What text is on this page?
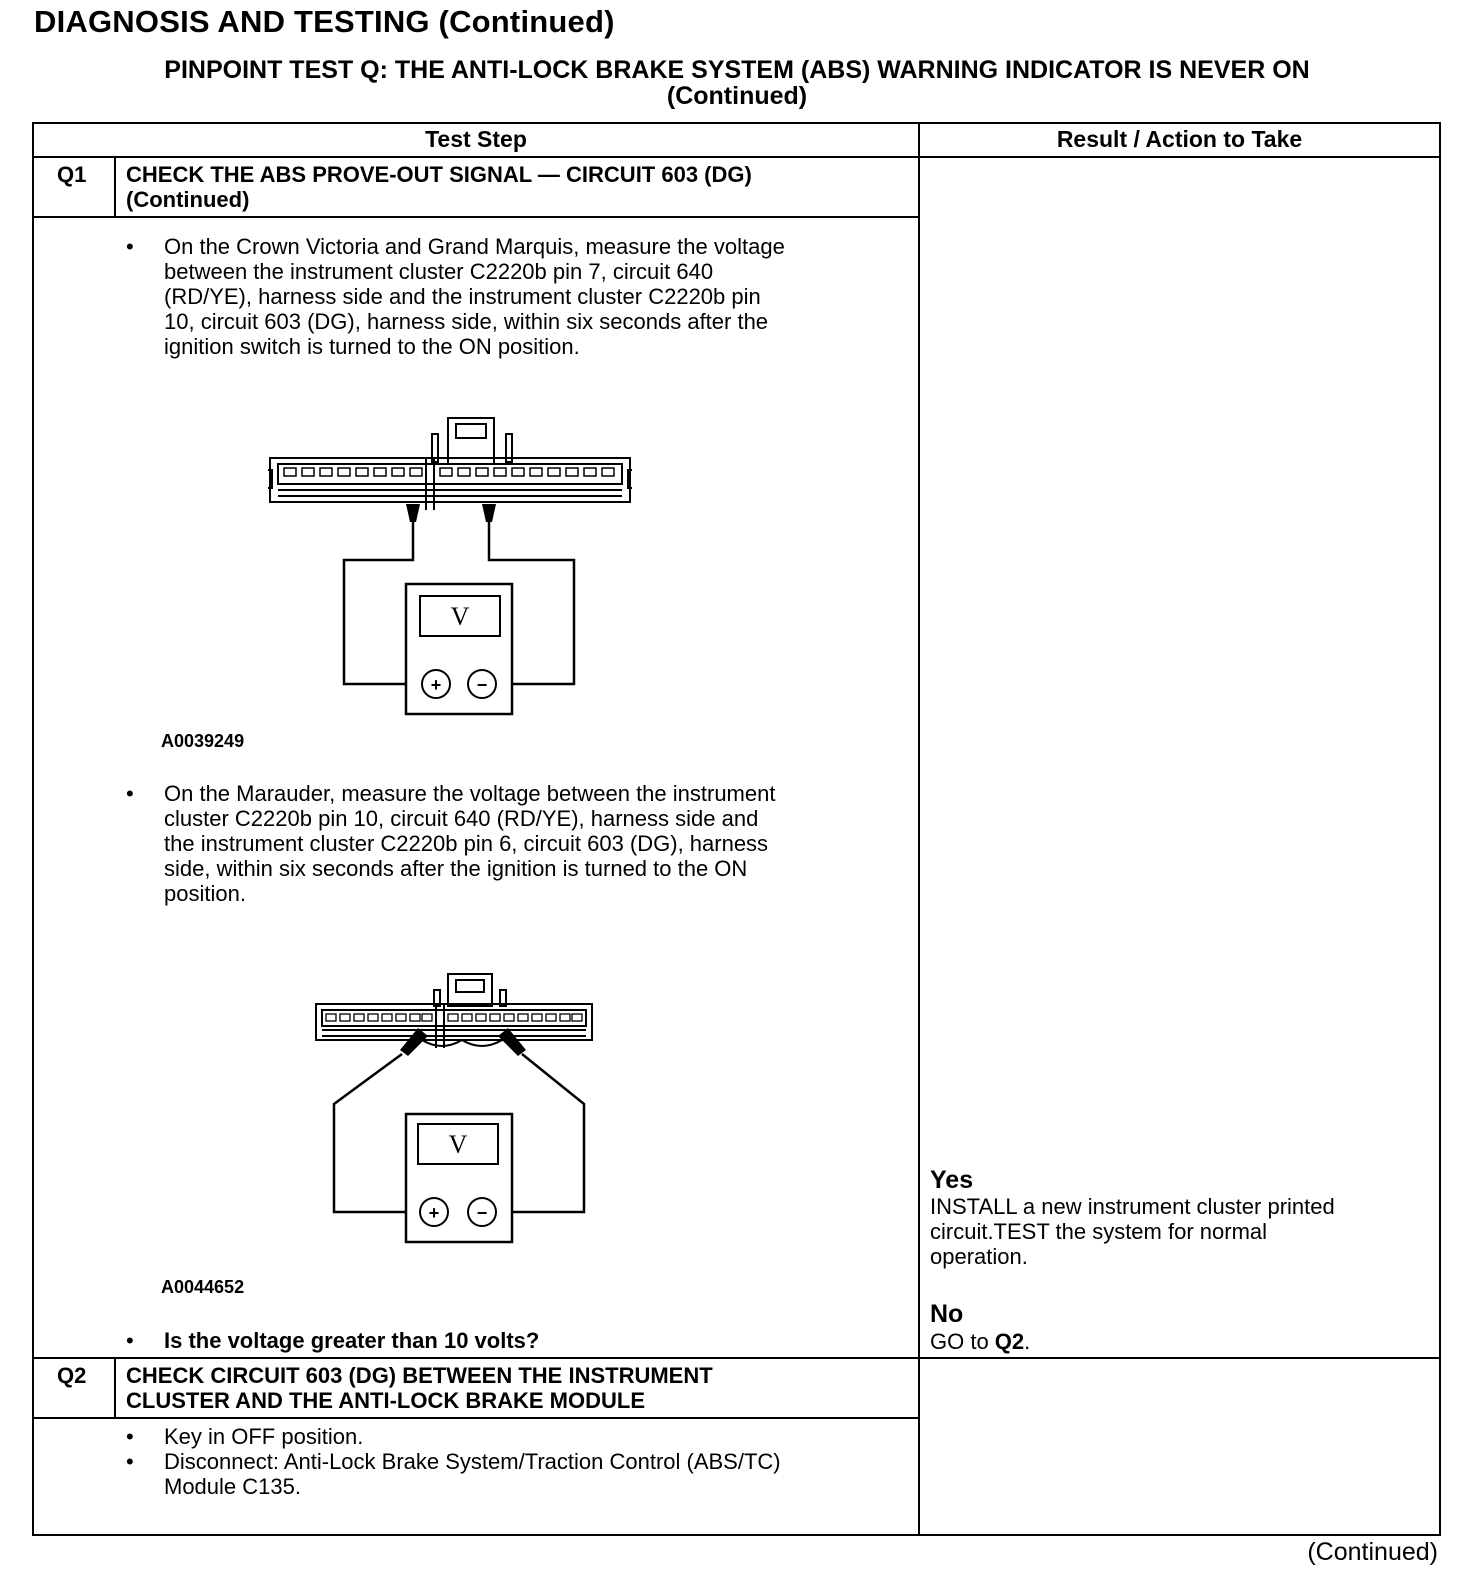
DIAGNOSIS AND TESTING (Continued)
PINPOINT TEST Q: THE ANTI-LOCK BRAKE SYSTEM (ABS) WARNING INDICATOR IS NEVER ON
(Continued)
Test Step	Result / Action to Take
Q1 CHECK THE ABS PROVE-OUT SIGNAL — CIRCUIT 603 (DG)
(Continued)
• On the Crown Victoria and Grand Marquis, measure the voltage
between the instrument cluster C2220b pin 7, circuit 640
(RD/YE), harness side and the instrument cluster C2220b pin
10, circuit 603 (DG), harness side, within six seconds after the
ignition switch is turned to the ON position.
V
+ −
A0039249
• On the Marauder, measure the voltage between the instrument
cluster C2220b pin 10, circuit 640 (RD/YE), harness side and
the instrument cluster C2220b pin 6, circuit 603 (DG), harness
side, within six seconds after the ignition is turned to the ON
position.
V
+ −
A0044652
• Is the voltage greater than 10 volts?
Yes
INSTALL a new instrument cluster printed
circuit.TEST the system for normal
operation.
No
GO to Q2.
Q2 CHECK CIRCUIT 603 (DG) BETWEEN THE INSTRUMENT
CLUSTER AND THE ANTI-LOCK BRAKE MODULE
• Key in OFF position.
• Disconnect: Anti-Lock Brake System/Traction Control (ABS/TC)
Module C135.
(Continued)
